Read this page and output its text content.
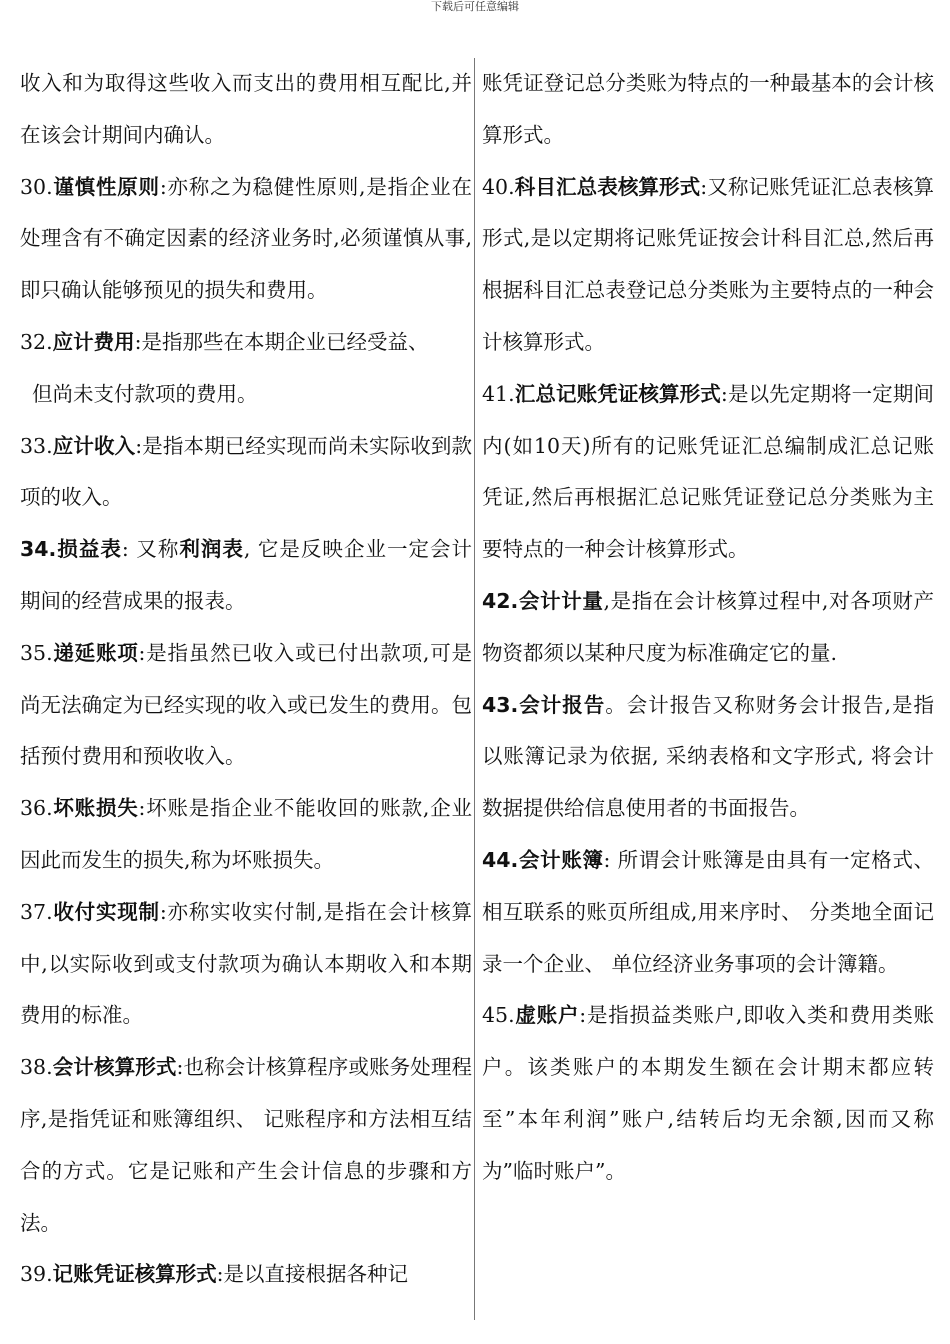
下载后可任意编辑

收入和为取得这些收入而支出的费用相互配比,并在该会计期间内确认。

30.谨慎性原则:亦称之为稳健性原则,是指企业在处理含有不确定因素的经济业务时,必须谨慎从事,即只确认能够预见的损失和费用。

32.应计费用:是指那些在本期企业已经受益、

但尚未支付款项的费用。

33.应计收入:是指本期已经实现而尚未实际收到款项的收入。

34.损益表: 又称利润表, 它是反映企业一定会计期间的经营成果的报表。

35.递延账项:是指虽然已收入或已付出款项,可是尚无法确定为已经实现的收入或已发生的费用。包括预付费用和预收收入。

36.坏账损失:坏账是指企业不能收回的账款,企业因此而发生的损失,称为坏账损失。

37.收付实现制:亦称实收实付制,是指在会计核算中,以实际收到或支付款项为确认本期收入和本期费用的标准。

38.会计核算形式:也称会计核算程序或账务处理程序,是指凭证和账簿组织、 记账程序和方法相互结合的方式。它是记账和产生会计信息的步骤和方法。

39.记账凭证核算形式:是以直接根据各种记

账凭证登记总分类账为特点的一种最基本的会计核算形式。

40.科目汇总表核算形式:又称记账凭证汇总表核算形式,是以定期将记账凭证按会计科目汇总,然后再根据科目汇总表登记总分类账为主要特点的一种会计核算形式。

41.汇总记账凭证核算形式:是以先定期将一定期间内(如10天)所有的记账凭证汇总编制成汇总记账凭证,然后再根据汇总记账凭证登记总分类账为主要特点的一种会计核算形式。

42.会计计量,是指在会计核算过程中,对各项财产物资都须以某种尺度为标准确定它的量.

43.会计报告。会计报告又称财务会计报告,是指以账簿记录为依据, 采纳表格和文字形式, 将会计数据提供给信息使用者的书面报告。

44.会计账簿: 所谓会计账簿是由具有一定格式、 相互联系的账页所组成,用来序时、 分类地全面记录一个企业、 单位经济业务事项的会计簿籍。

45.虚账户:是指损益类账户,即收入类和费用类账户。该类账户的本期发生额在会计期末都应转至”本年利润”账户,结转后均无余额,因而又称为”临时账户”。
